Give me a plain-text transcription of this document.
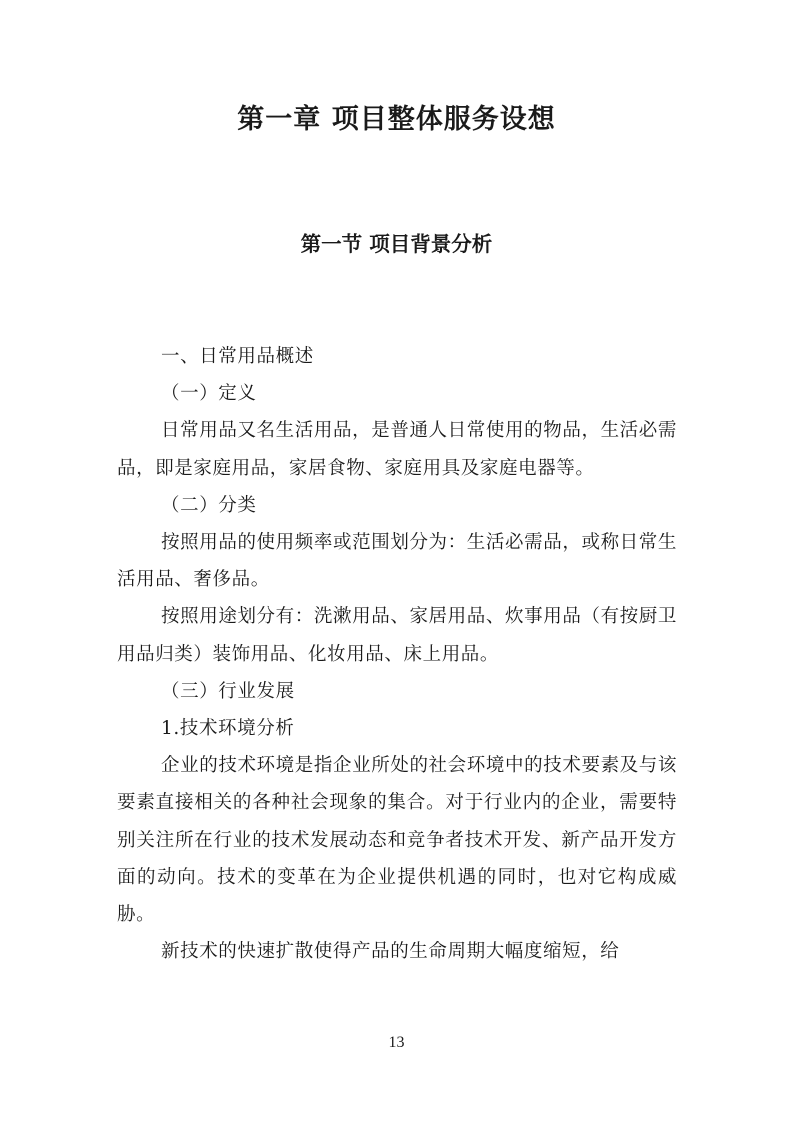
第一章 项目整体服务设想
第一节 项目背景分析

一、日常用品概述

（一）定义

日常用品又名生活用品，是普通人日常使用的物品，生活必需品，即是家庭用品，家居食物、家庭用具及家庭电器等。

（二）分类

按照用品的使用频率或范围划分为：生活必需品，或称日常生活用品、奢侈品。

按照用途划分有：洗漱用品、家居用品、炊事用品（有按厨卫用品归类）装饰用品、化妆用品、床上用品。

（三）行业发展

1.技术环境分析

企业的技术环境是指企业所处的社会环境中的技术要素及与该要素直接相关的各种社会现象的集合。对于行业内的企业，需要特别关注所在行业的技术发展动态和竞争者技术开发、新产品开发方面的动向。技术的变革在为企业提供机遇的同时，也对它构成威胁。

新技术的快速扩散使得产品的生命周期大幅度缩短，给

13
